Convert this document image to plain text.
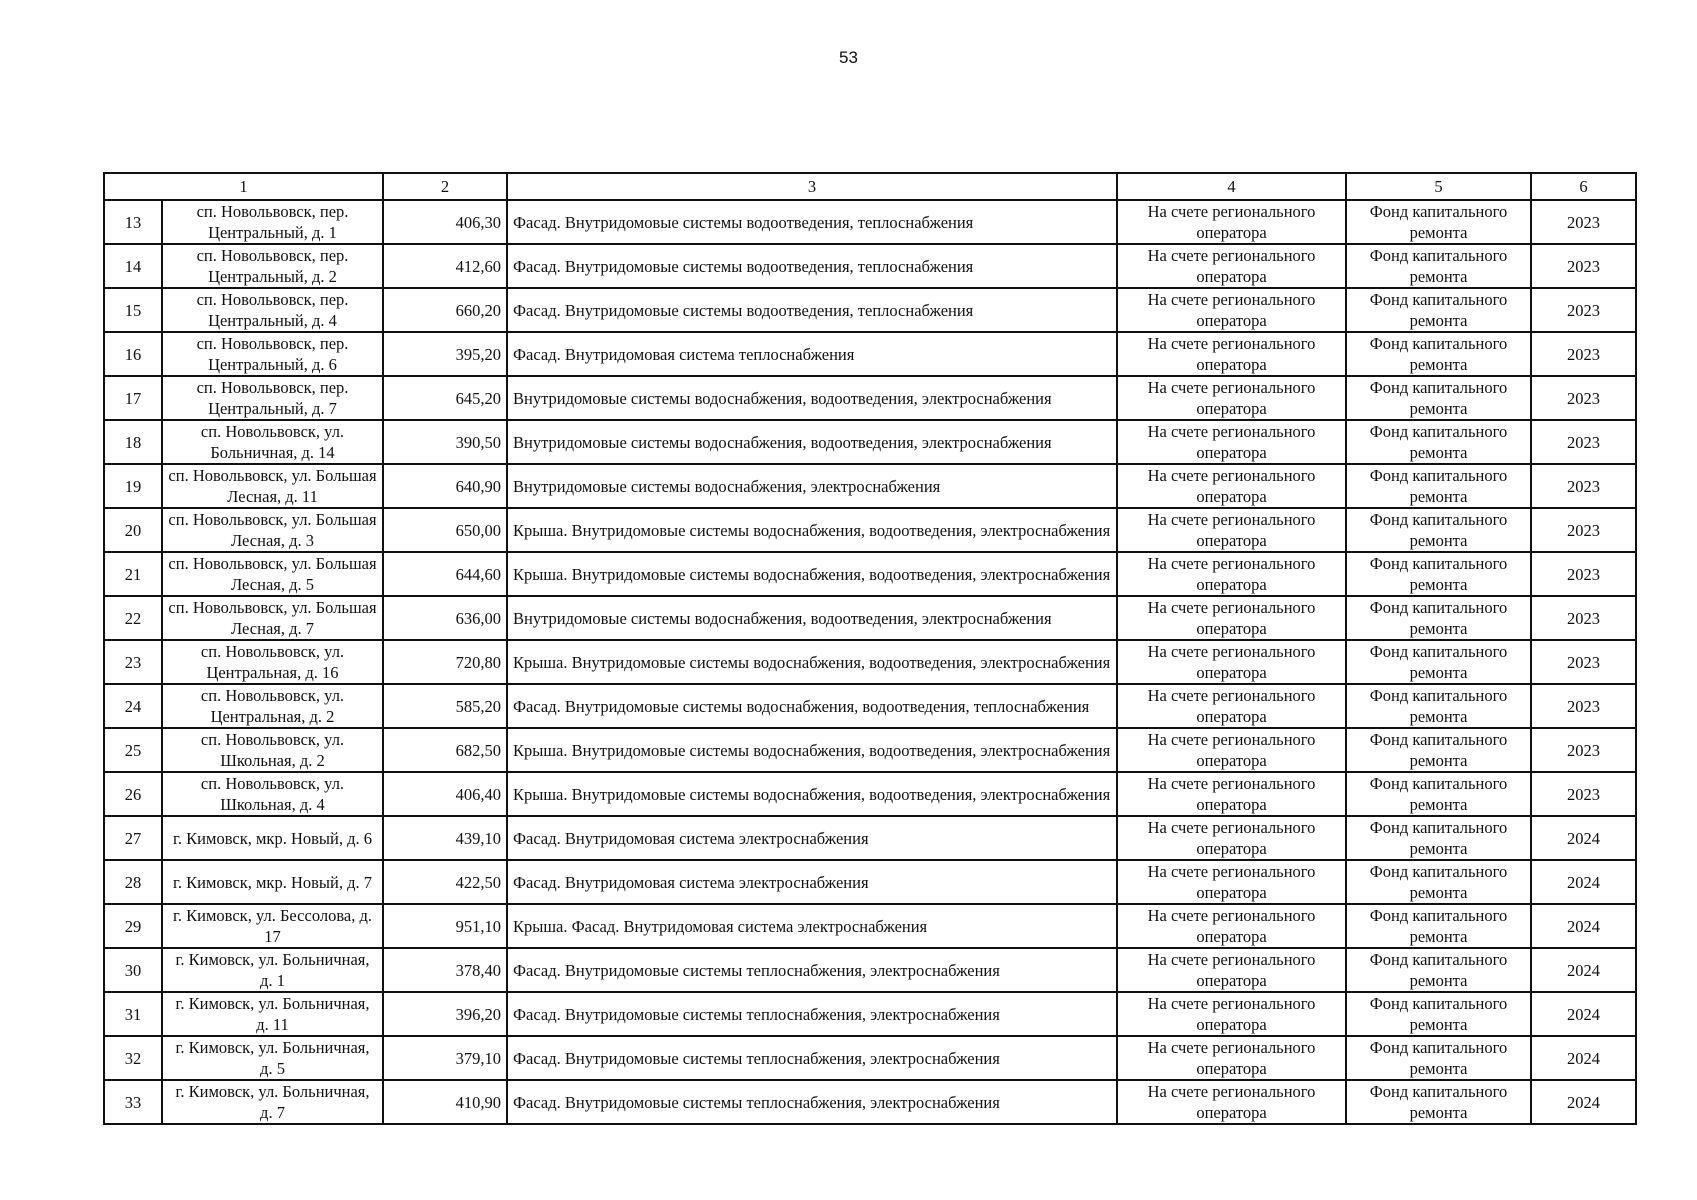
53
1		2	3	4	5	6
13	сп. Новольвовск, пер. Центральный, д. 1	406,30	Фасад. Внутридомовые системы водоотведения, теплоснабжения	На счете регионального оператора	Фонд капитального ремонта	2023
14	сп. Новольвовск, пер. Центральный, д. 2	412,60	Фасад. Внутридомовые системы водоотведения, теплоснабжения	На счете регионального оператора	Фонд капитального ремонта	2023
15	сп. Новольвовск, пер. Центральный, д. 4	660,20	Фасад. Внутридомовые системы водоотведения, теплоснабжения	На счете регионального оператора	Фонд капитального ремонта	2023
16	сп. Новольвовск, пер. Центральный, д. 6	395,20	Фасад. Внутридомовая система теплоснабжения	На счете регионального оператора	Фонд капитального ремонта	2023
17	сп. Новольвовск, пер. Центральный, д. 7	645,20	Внутридомовые системы водоснабжения, водоотведения, электроснабжения	На счете регионального оператора	Фонд капитального ремонта	2023
18	сп. Новольвовск, ул. Больничная, д. 14	390,50	Внутридомовые системы водоснабжения, водоотведения, электроснабжения	На счете регионального оператора	Фонд капитального ремонта	2023
19	сп. Новольвовск, ул. Большая Лесная, д. 11	640,90	Внутридомовые системы водоснабжения, электроснабжения	На счете регионального оператора	Фонд капитального ремонта	2023
20	сп. Новольвовск, ул. Большая Лесная, д. 3	650,00	Крыша. Внутридомовые системы водоснабжения, водоотведения, электроснабжения	На счете регионального оператора	Фонд капитального ремонта	2023
21	сп. Новольвовск, ул. Большая Лесная, д. 5	644,60	Крыша. Внутридомовые системы водоснабжения, водоотведения, электроснабжения	На счете регионального оператора	Фонд капитального ремонта	2023
22	сп. Новольвовск, ул. Большая Лесная, д. 7	636,00	Внутридомовые системы водоснабжения, водоотведения, электроснабжения	На счете регионального оператора	Фонд капитального ремонта	2023
23	сп. Новольвовск, ул. Центральная, д. 16	720,80	Крыша. Внутридомовые системы водоснабжения, водоотведения, электроснабжения	На счете регионального оператора	Фонд капитального ремонта	2023
24	сп. Новольвовск, ул. Центральная, д. 2	585,20	Фасад. Внутридомовые системы водоснабжения, водоотведения, теплоснабжения	На счете регионального оператора	Фонд капитального ремонта	2023
25	сп. Новольвовск, ул. Школьная, д. 2	682,50	Крыша. Внутридомовые системы водоснабжения, водоотведения, электроснабжения	На счете регионального оператора	Фонд капитального ремонта	2023
26	сп. Новольвовск, ул. Школьная, д. 4	406,40	Крыша. Внутридомовые системы водоснабжения, водоотведения, электроснабжения	На счете регионального оператора	Фонд капитального ремонта	2023
27	г. Кимовск, мкр. Новый, д. 6	439,10	Фасад. Внутридомовая система электроснабжения	На счете регионального оператора	Фонд капитального ремонта	2024
28	г. Кимовск, мкр. Новый, д. 7	422,50	Фасад. Внутридомовая система электроснабжения	На счете регионального оператора	Фонд капитального ремонта	2024
29	г. Кимовск, ул. Бессолова, д. 17	951,10	Крыша. Фасад. Внутридомовая система электроснабжения	На счете регионального оператора	Фонд капитального ремонта	2024
30	г. Кимовск, ул. Больничная, д. 1	378,40	Фасад. Внутридомовые системы теплоснабжения, электроснабжения	На счете регионального оператора	Фонд капитального ремонта	2024
31	г. Кимовск, ул. Больничная, д. 11	396,20	Фасад. Внутридомовые системы теплоснабжения, электроснабжения	На счете регионального оператора	Фонд капитального ремонта	2024
32	г. Кимовск, ул. Больничная, д. 5	379,10	Фасад. Внутридомовые системы теплоснабжения, электроснабжения	На счете регионального оператора	Фонд капитального ремонта	2024
33	г. Кимовск, ул. Больничная, д. 7	410,90	Фасад. Внутридомовые системы теплоснабжения, электроснабжения	На счете регионального оператора	Фонд капитального ремонта	2024
